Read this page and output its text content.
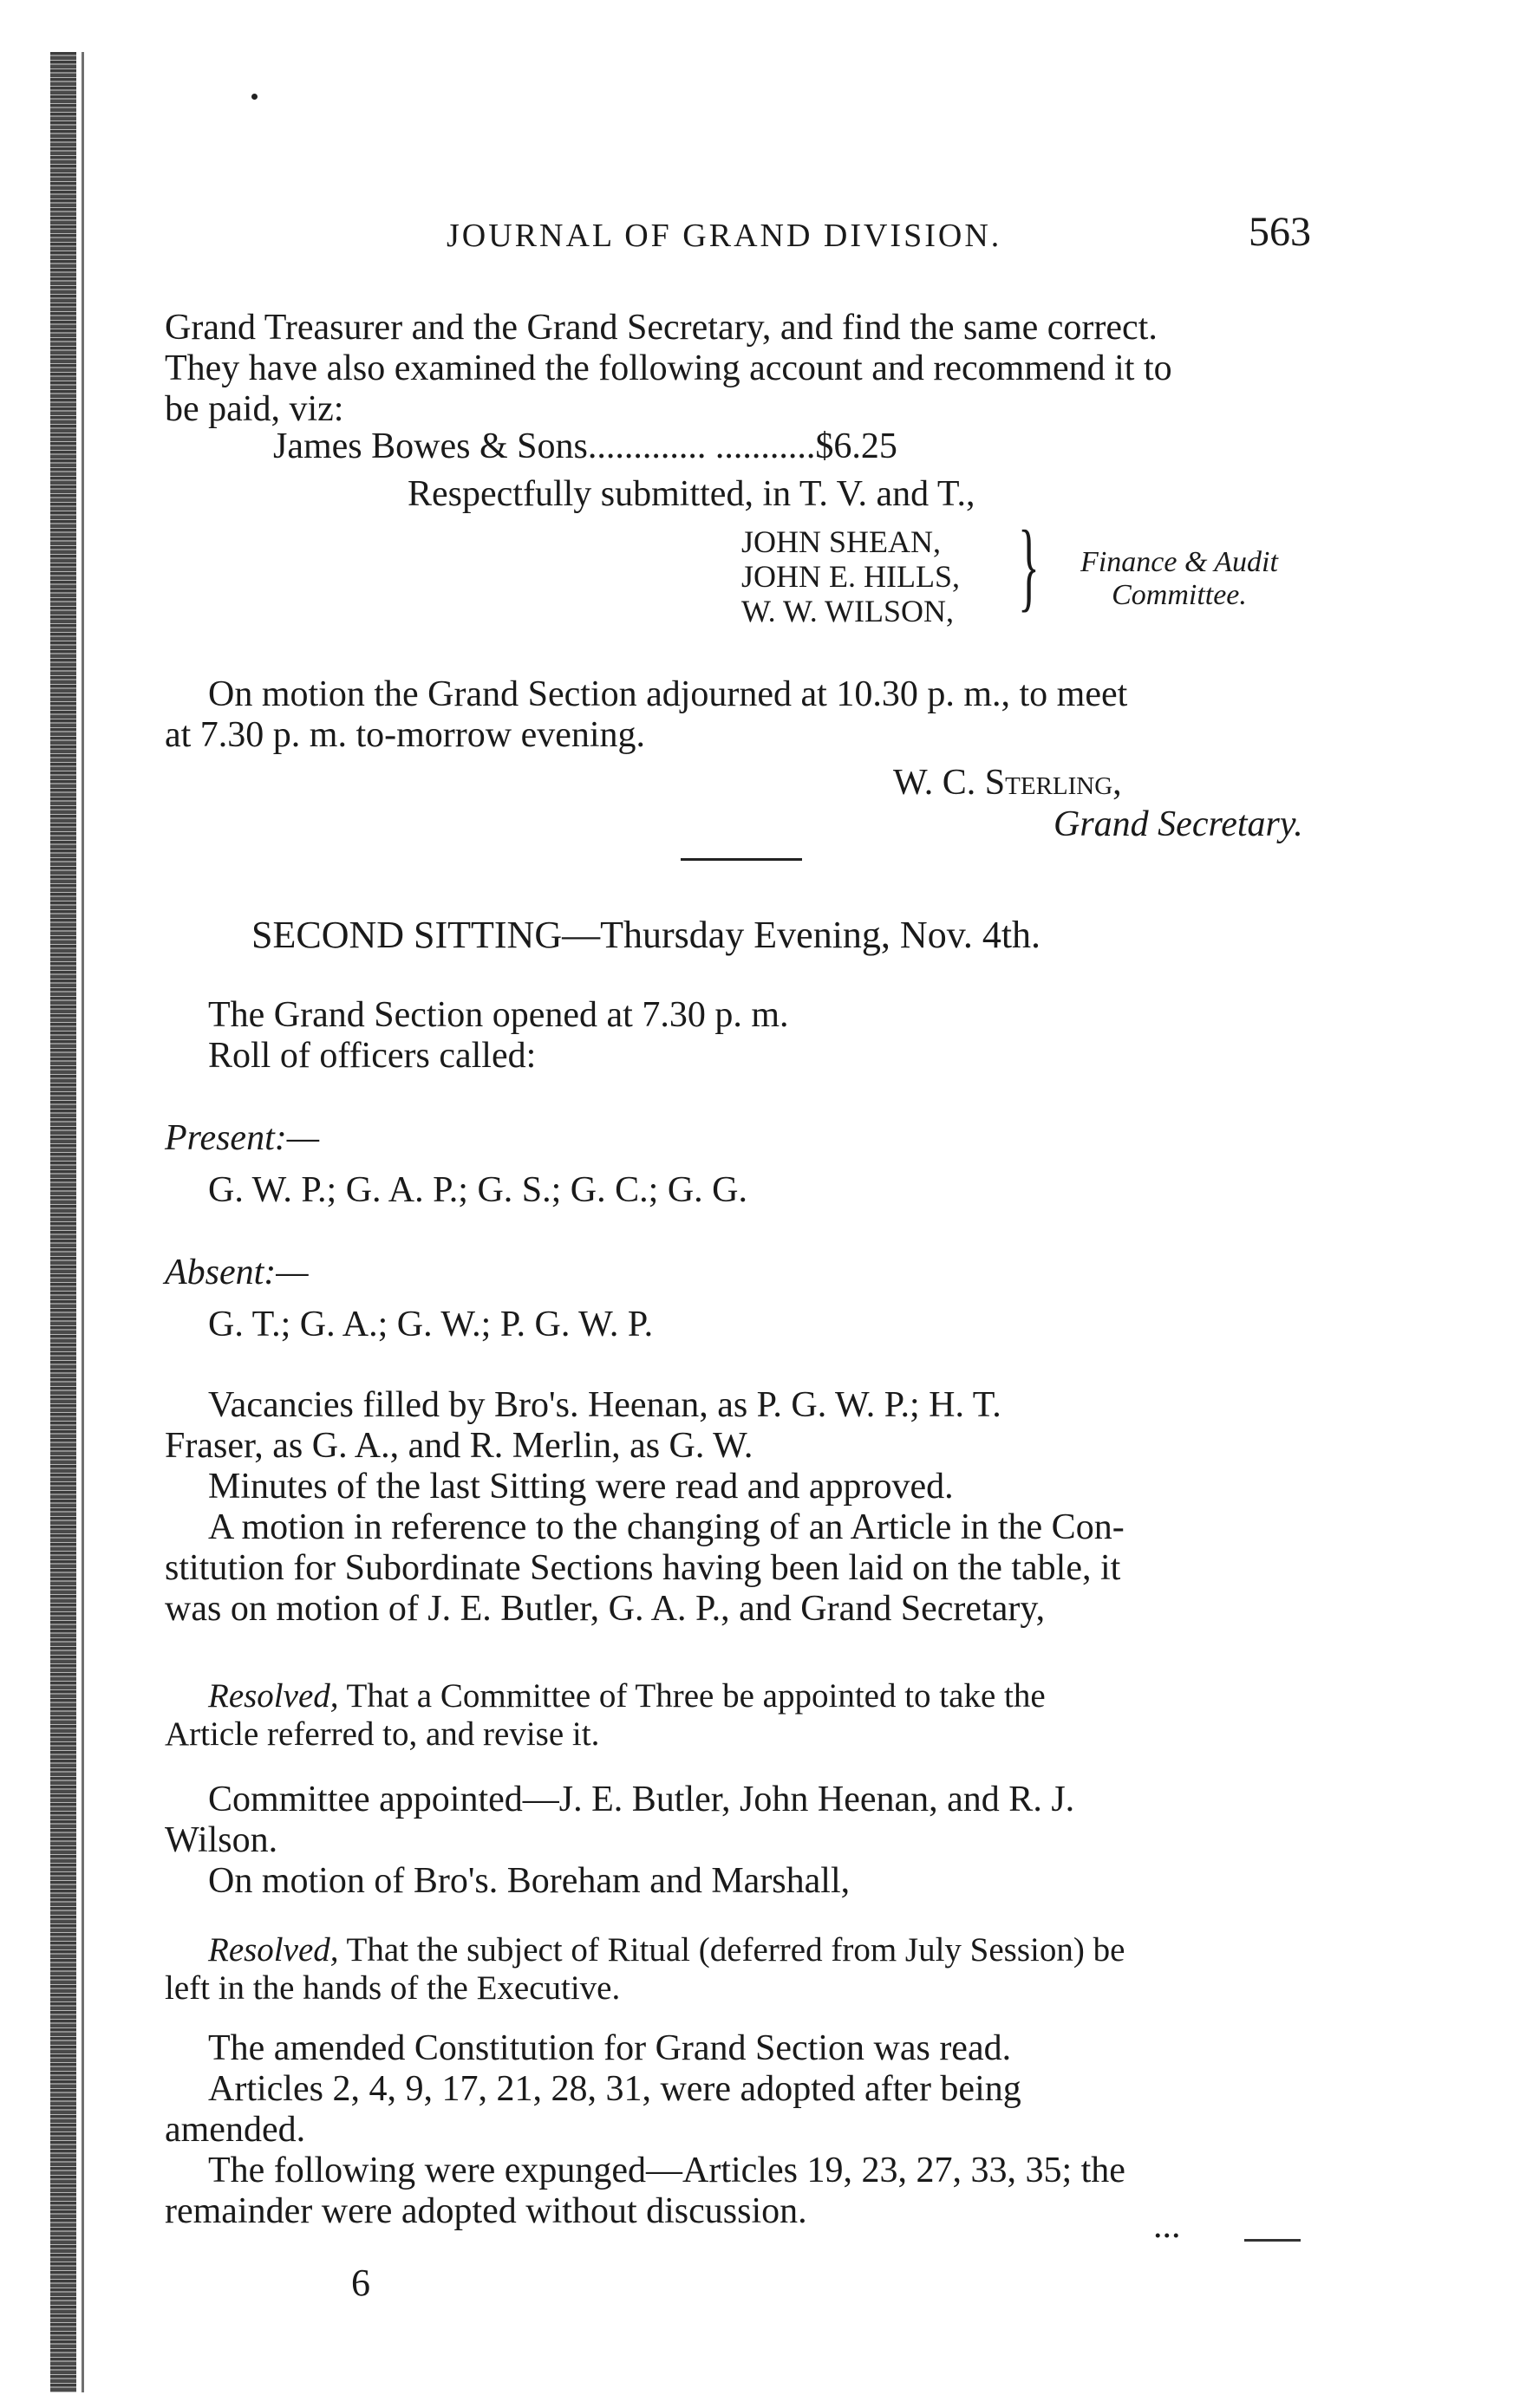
JOURNAL OF GRAND DIVISION.	563
Grand Treasurer and the Grand Secretary, and find the same correct.
They have also examined the following account and recommend it to
be paid, viz:
James Bowes & Sons............. ...........$6.25
Respectfully submitted, in T. V. and T.,
JOHN SHEAN,
JOHN E. HILLS,
W. W. WILSON, }	Finance & Audit
Committee.
On motion the Grand Section adjourned at 10.30 p. m., to meet
at 7.30 p. m. to-morrow evening.
W. C. Sterling,
Grand Secretary.
SECOND SITTING—Thursday Evening, Nov. 4th.
The Grand Section opened at 7.30 p. m.
Roll of officers called:
Present:—
G. W. P.; G. A. P.; G. S.; G. C.; G. G.
Absent:—
G. T.; G. A.; G. W.; P. G. W. P.
Vacancies filled by Bro's. Heenan, as P. G. W. P.; H. T.
Fraser, as G. A., and R. Merlin, as G. W.
Minutes of the last Sitting were read and approved.
A motion in reference to the changing of an Article in the Con-
stitution for Subordinate Sections having been laid on the table, it
was on motion of J. E. Butler, G. A. P., and Grand Secretary,
Resolved, That a Committee of Three be appointed to take the
Article referred to, and revise it.
Committee appointed—J. E. Butler, John Heenan, and R. J.
Wilson.
On motion of Bro's. Boreham and Marshall,
Resolved, That the subject of Ritual (deferred from July Session) be
left in the hands of the Executive.
The amended Constitution for Grand Section was read.
Articles 2, 4, 9, 17, 21, 28, 31, were adopted after being
amended.
The following were expunged—Articles 19, 23, 27, 33, 35; the
remainder were adopted without discussion.	...
6
